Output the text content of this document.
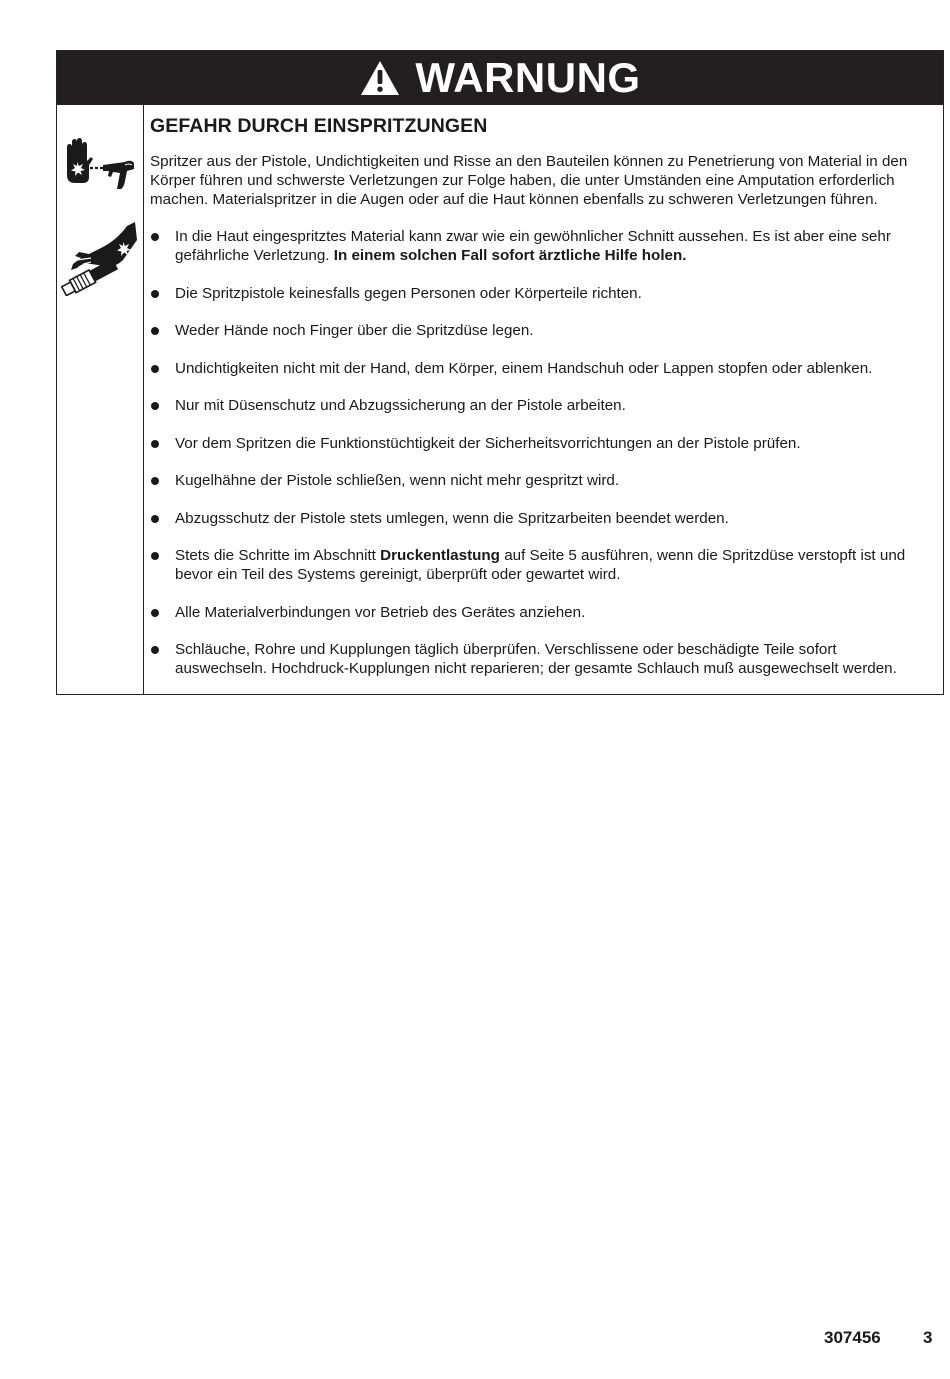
WARNUNG
GEFAHR DURCH EINSPRITZUNGEN

Spritzer aus der Pistole, Undichtigkeiten und Risse an den Bauteilen können zu Penetrierung von Material in den Körper führen und schwerste Verletzungen zur Folge haben, die unter Umständen eine Amputation erforderlich machen. Materialspritzer in die Augen oder auf die Haut können ebenfalls zu schweren Verletzungen führen.

In die Haut eingespritztes Material kann zwar wie ein gewöhnlicher Schnitt aussehen. Es ist aber eine sehr gefährliche Verletzung. In einem solchen Fall sofort ärztliche Hilfe holen.
Die Spritzpistole keinesfalls gegen Personen oder Körperteile richten.
Weder Hände noch Finger über die Spritzdüse legen.
Undichtigkeiten nicht mit der Hand, dem Körper, einem Handschuh oder Lappen stopfen oder ablenken.
Nur mit Düsenschutz und Abzugssicherung an der Pistole arbeiten.
Vor dem Spritzen die Funktionstüchtigkeit der Sicherheitsvorrichtungen an der Pistole prüfen.
Kugelhähne der Pistole schließen, wenn nicht mehr gespritzt wird.
Abzugsschutz der Pistole stets umlegen, wenn die Spritzarbeiten beendet werden.
Stets die Schritte im Abschnitt Druckentlastung auf Seite 5 ausführen, wenn die Spritzdüse verstopft ist und bevor ein Teil des Systems gereinigt, überprüft oder gewartet wird.
Alle Materialverbindungen vor Betrieb des Gerätes anziehen.
Schläuche, Rohre und Kupplungen täglich überprüfen. Verschlissene oder beschädigte Teile sofort auswechseln. Hochdruck-Kupplungen nicht reparieren; der gesamte Schlauch muß ausgewechselt werden.
307456 3
